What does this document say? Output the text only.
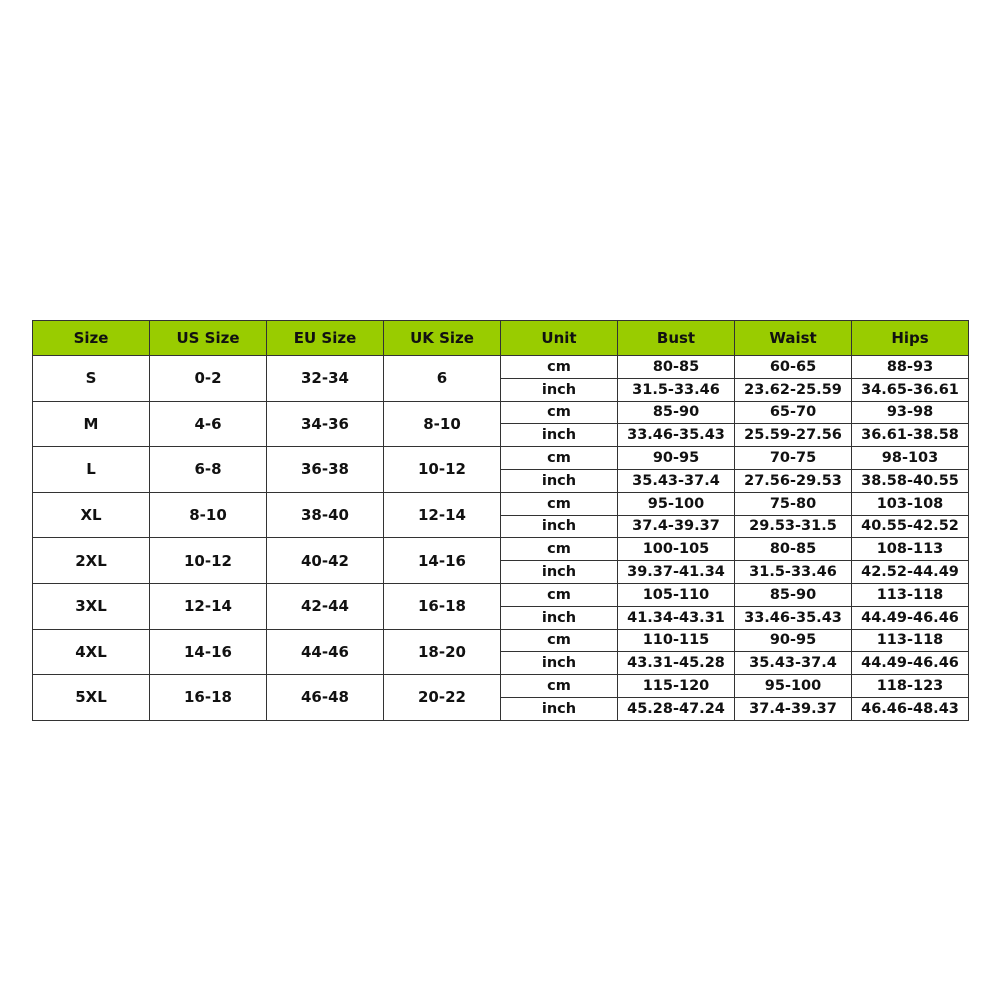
Size	US Size	EU Size	UK Size	Unit	Bust	Waist	Hips
S	0-2	32-34	6	cm	80-85	60-65	88-93
				inch	31.5-33.46	23.62-25.59	34.65-36.61
M	4-6	34-36	8-10	cm	85-90	65-70	93-98
				inch	33.46-35.43	25.59-27.56	36.61-38.58
L	6-8	36-38	10-12	cm	90-95	70-75	98-103
				inch	35.43-37.4	27.56-29.53	38.58-40.55
XL	8-10	38-40	12-14	cm	95-100	75-80	103-108
				inch	37.4-39.37	29.53-31.5	40.55-42.52
2XL	10-12	40-42	14-16	cm	100-105	80-85	108-113
				inch	39.37-41.34	31.5-33.46	42.52-44.49
3XL	12-14	42-44	16-18	cm	105-110	85-90	113-118
				inch	41.34-43.31	33.46-35.43	44.49-46.46
4XL	14-16	44-46	18-20	cm	110-115	90-95	113-118
				inch	43.31-45.28	35.43-37.4	44.49-46.46
5XL	16-18	46-48	20-22	cm	115-120	95-100	118-123
				inch	45.28-47.24	37.4-39.37	46.46-48.43
